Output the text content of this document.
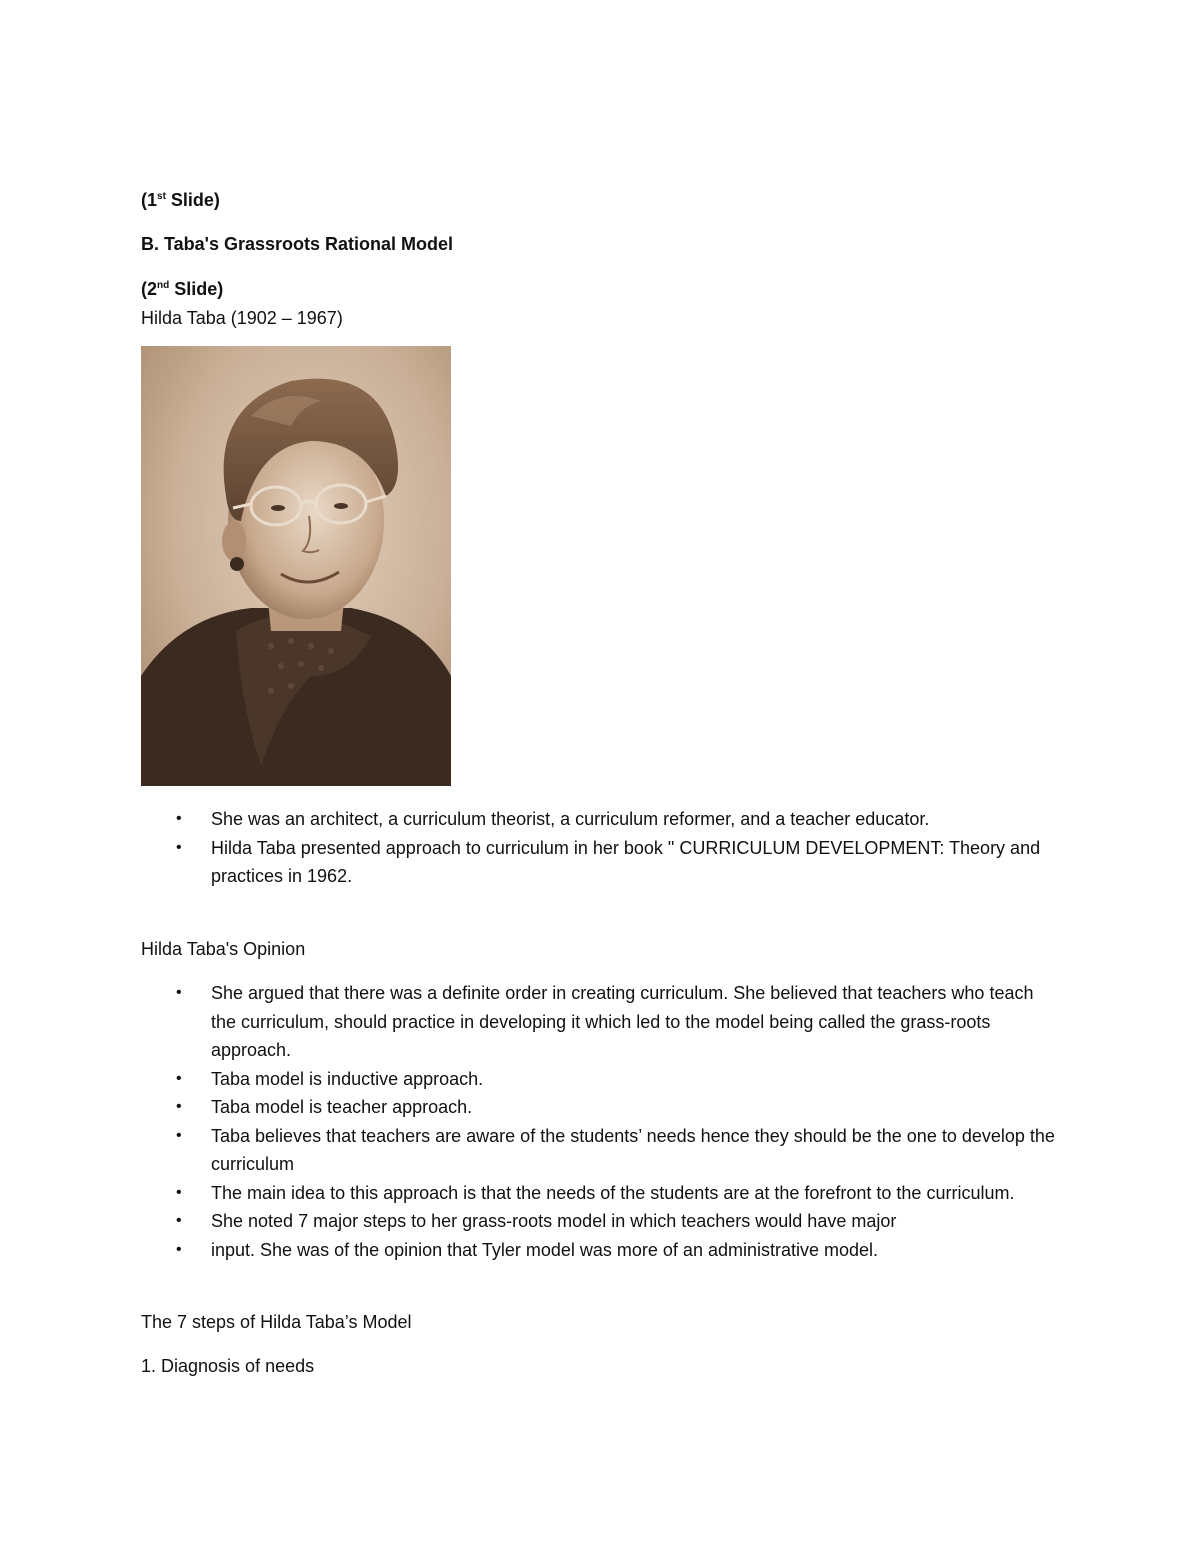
(1st Slide)
B. Taba's Grassroots Rational Model
(2nd Slide)
Hilda Taba (1902 – 1967)
• She was an architect, a curriculum theorist, a curriculum reformer, and a teacher educator.
• Hilda Taba presented approach to curriculum in her book " CURRICULUM DEVELOPMENT: Theory and practices in 1962.
Hilda Taba's Opinion
• She argued that there was a definite order in creating curriculum. She believed that teachers who teach the curriculum, should practice in developing it which led to the model being called the grass-roots approach.
• Taba model is inductive approach.
• Taba model is teacher approach.
• Taba believes that teachers are aware of the students’ needs hence they should be the one to develop the curriculum
• The main idea to this approach is that the needs of the students are at the forefront to the curriculum.
• She noted 7 major steps to her grass-roots model in which teachers would have major
• input. She was of the opinion that Tyler model was more of an administrative model.
The 7 steps of Hilda Taba’s Model
1. Diagnosis of needs
